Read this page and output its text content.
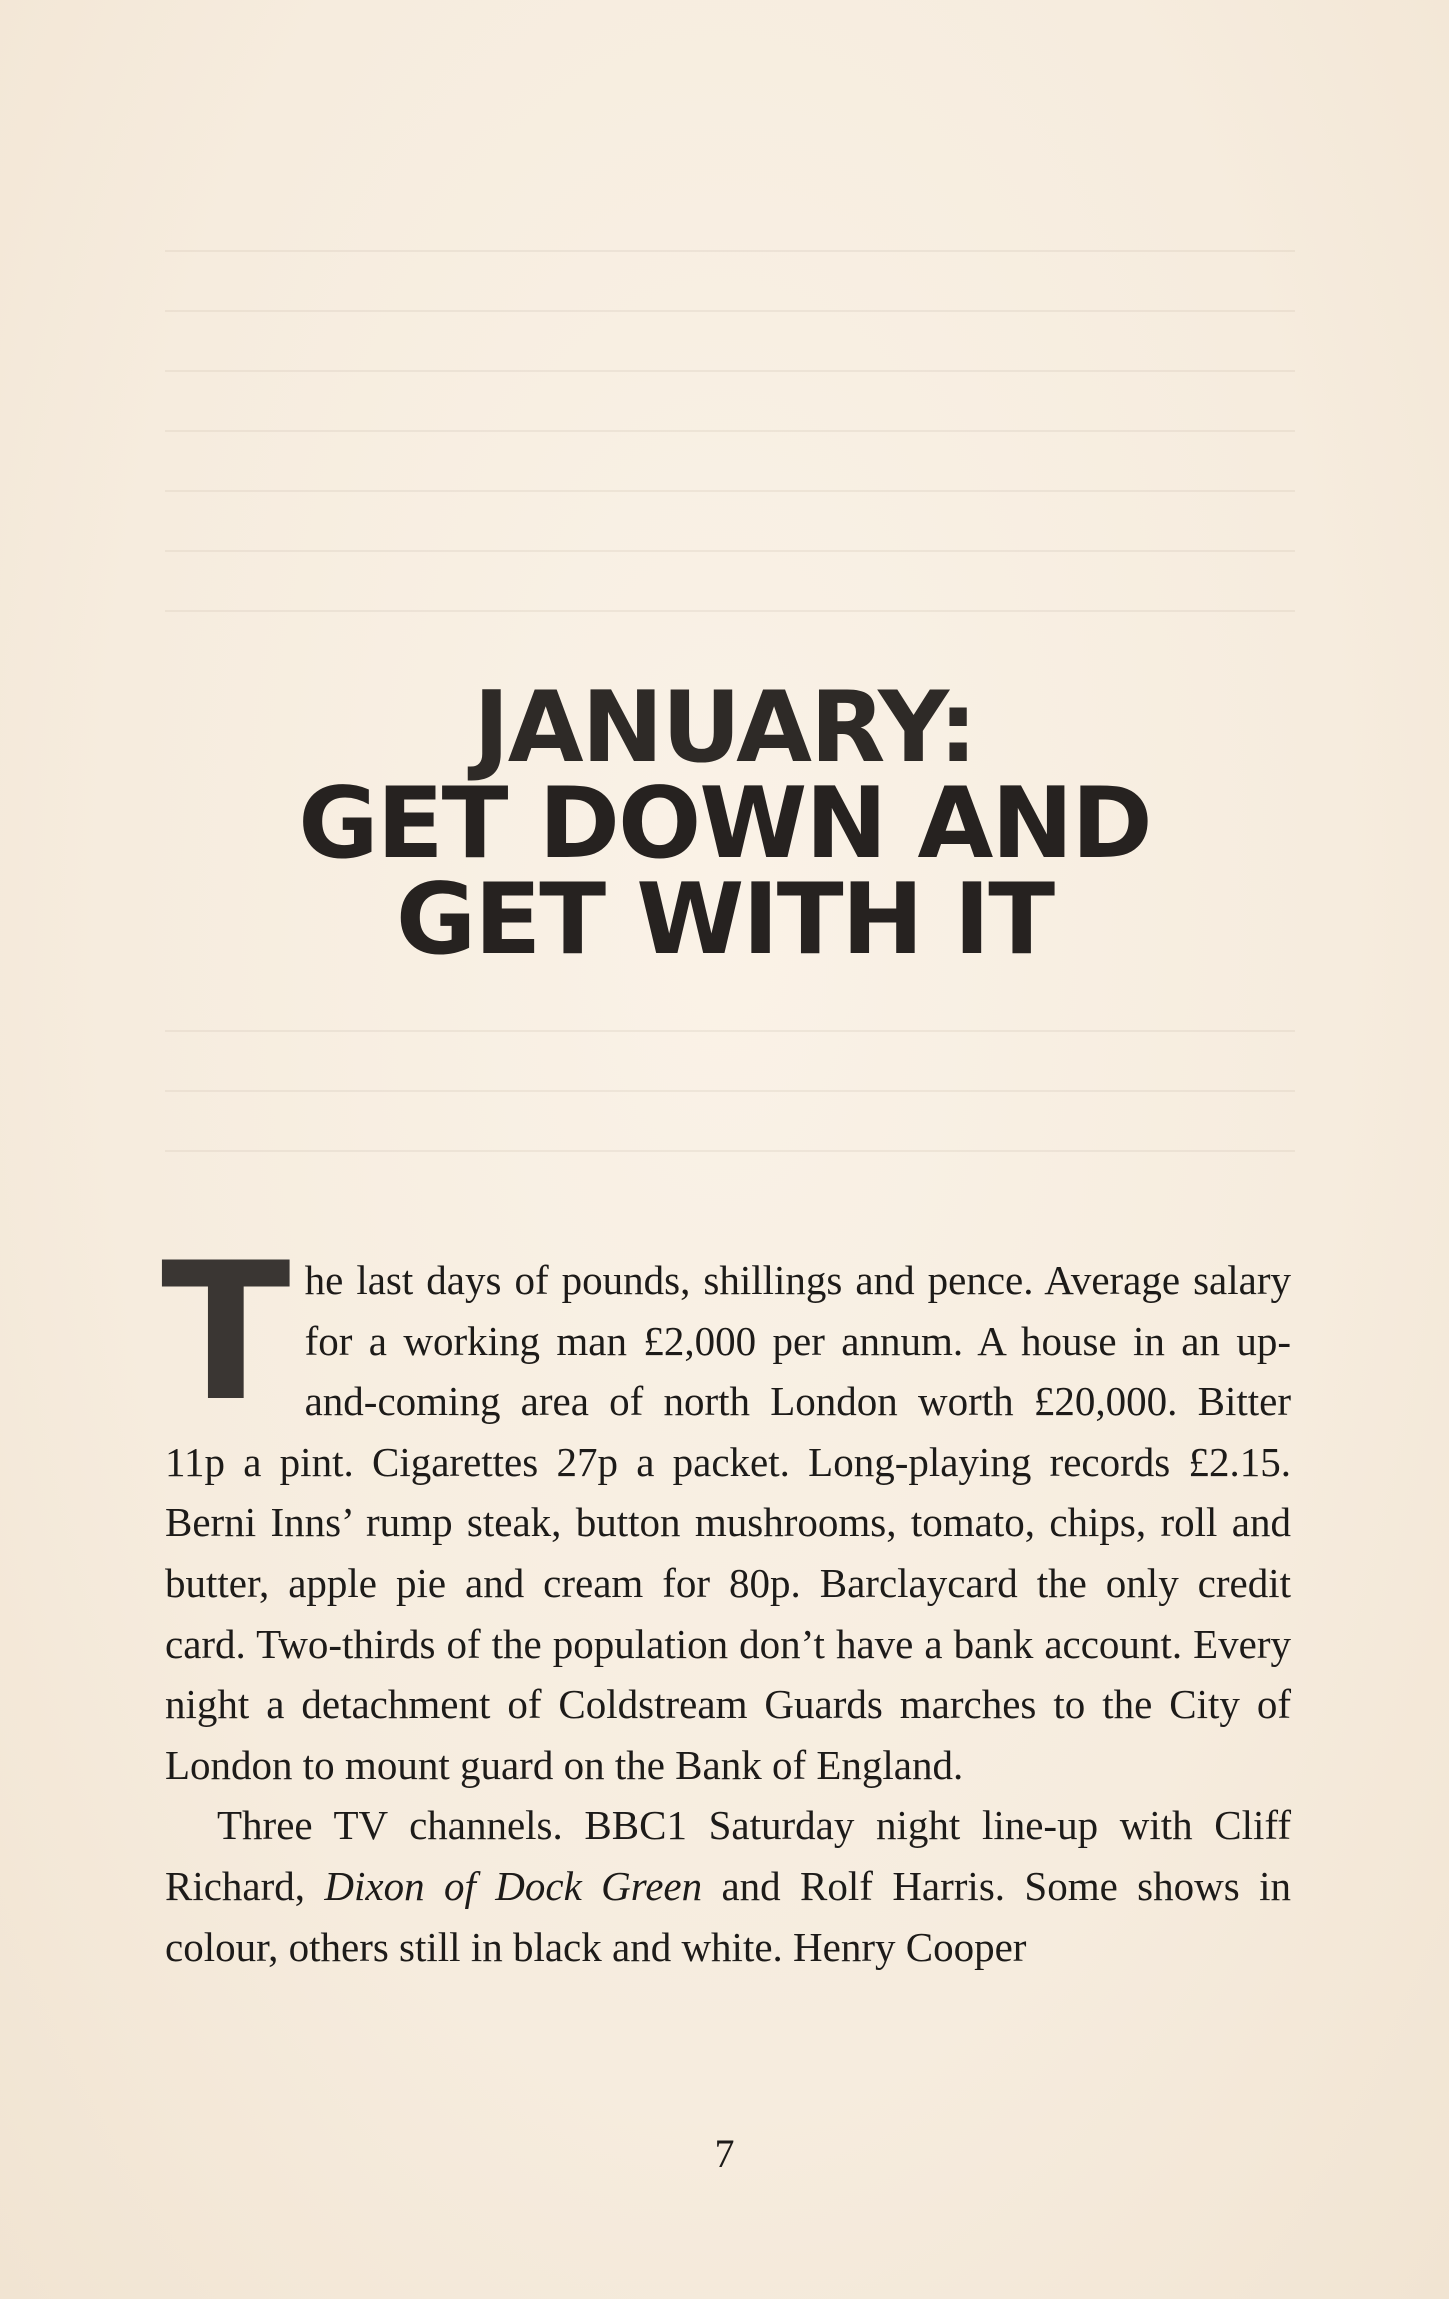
JANUARY:
GET DOWN AND
GET WITH IT

The last days of pounds, shillings and pence. Average salary for a working man £2,000 per annum. A house in an up-and-coming area of north London worth £20,000. Bitter 11p a pint. Cigarettes 27p a packet. Long-playing records £2.15. Berni Inns’ rump steak, button mushrooms, tomato, chips, roll and butter, apple pie and cream for 80p. Barclaycard the only credit card. Two-thirds of the population don’t have a bank account. Every night a detachment of Coldstream Guards marches to the City of London to mount guard on the Bank of England.

Three TV channels. BBC1 Saturday night line-up with Cliff Richard, Dixon of Dock Green and Rolf Harris. Some shows in colour, others still in black and white. Henry Cooper

7
